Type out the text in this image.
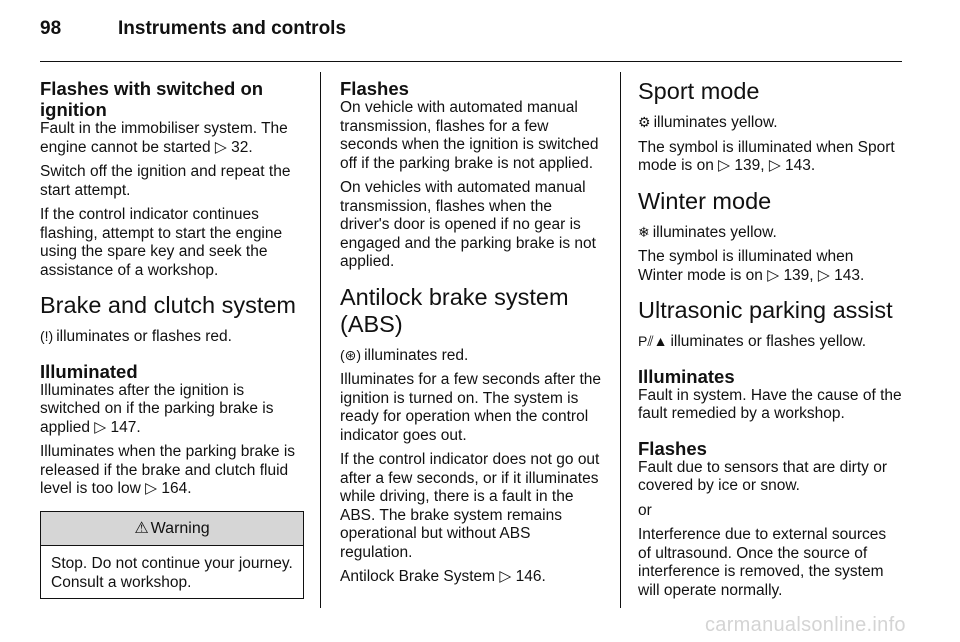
98	Instruments and controls
Flashes with switched on ignition

Fault in the immobiliser system. The engine cannot be started ▷ 32.

Switch off the ignition and repeat the start attempt.

If the control indicator continues flashing, attempt to start the engine using the spare key and seek the assistance of a workshop.

Brake and clutch system

(!) illuminates or flashes red.

Illuminated

Illuminates after the ignition is switched on if the parking brake is applied ▷ 147.

Illuminates when the parking brake is released if the brake and clutch fluid level is too low ▷ 164.

⚠ Warning
Stop. Do not continue your journey. Consult a workshop.
Flashes

On vehicle with automated manual transmission, flashes for a few seconds when the ignition is switched off if the parking brake is not applied.

On vehicles with automated manual transmission, flashes when the driver's door is opened if no gear is engaged and the parking brake is not applied.

Antilock brake system (ABS)

(⊛) illuminates red.

Illuminates for a few seconds after the ignition is turned on. The system is ready for operation when the control indicator goes out.

If the control indicator does not go out after a few seconds, or if it illuminates while driving, there is a fault in the ABS. The brake system remains operational but without ABS regulation.

Antilock Brake System ▷ 146.

Sport mode

⚙ illuminates yellow.

The symbol is illuminated when Sport mode is on ▷ 139, ▷ 143.

Winter mode

❄ illuminates yellow.

The symbol is illuminated when Winter mode is on ▷ 139, ▷ 143.

Ultrasonic parking assist

P⫽▲ illuminates or flashes yellow.

Illuminates

Fault in system. Have the cause of the fault remedied by a workshop.

Flashes

Fault due to sensors that are dirty or covered by ice or snow.

or

Interference due to external sources of ultrasound. Once the source of interference is removed, the system will operate normally.

carmanualsonline.info
